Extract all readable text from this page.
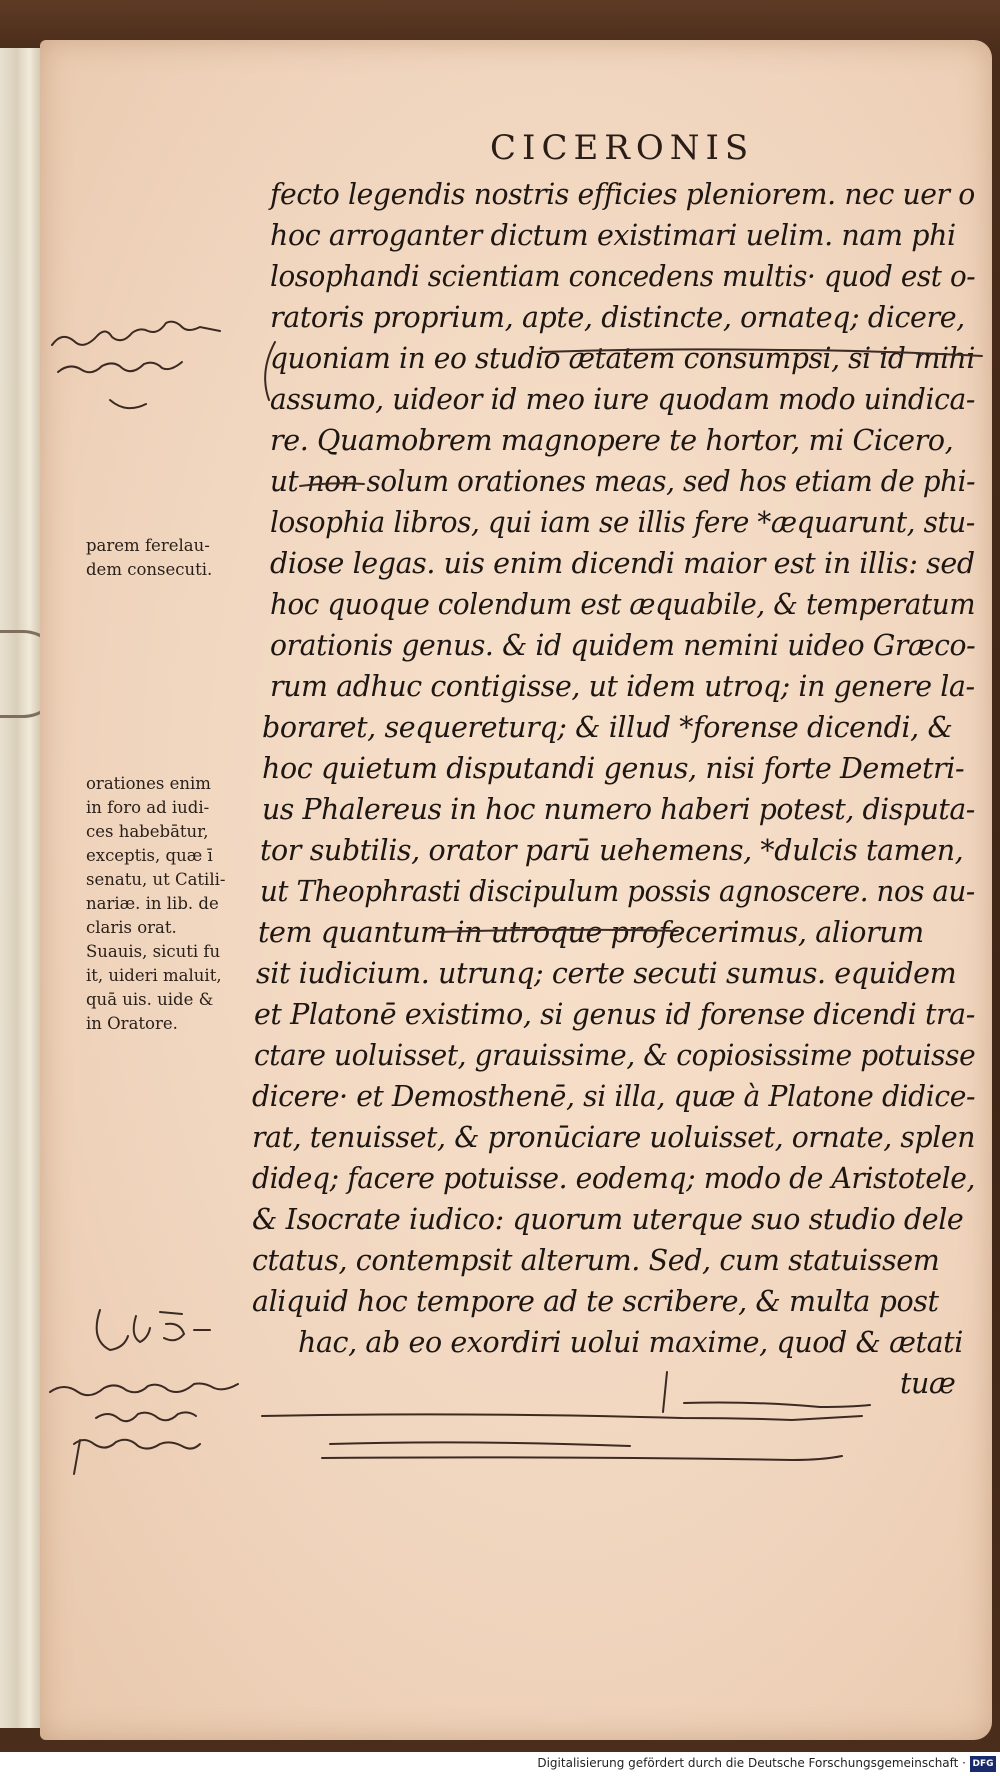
CICERONIS
fecto legendis nostris efficies pleniorem. nec uer o
hoc arroganter dictum existimari uelim. nam phi
losophandi scientiam concedens multis· quod est o-
ratoris proprium, apte, distincte, ornateq; dicere,
quoniam in eo studio ætatem consumpsi, si id mihi
assumo, uideor id meo iure quodam modo uindica-
re. Quamobrem magnopere te hortor, mi Cicero,
ut non solum orationes meas, sed hos etiam de phi-
losophia libros, qui iam se illis fere *æquarunt, stu-
diose legas. uis enim dicendi maior est in illis: sed
hoc quoque colendum est æquabile, & temperatum
orationis genus. & id quidem nemini uideo Græco-
rum adhuc contigisse, ut idem utroq; in genere la-
boraret, sequereturq; & illud *forense dicendi, &
hoc quietum disputandi genus, nisi forte Demetri-
us Phalereus in hoc numero haberi potest, disputa-
tor subtilis, orator parū uehemens, *dulcis tamen,
ut Theophrasti discipulum possis agnoscere. nos au-
tem quantum in utroque profecerimus, aliorum
sit iudicium. utrunq; certe secuti sumus. equidem
et Platonē existimo, si genus id forense dicendi tra-
ctare uoluisset, grauissime, & copiosissime potuisse
dicere· et Demosthenē, si illa, quæ à Platone didice-
rat, tenuisset, & pronūciare uoluisset, ornate, splen
dideq; facere potuisse. eodemq; modo de Aristotele,
& Isocrate iudico: quorum uterque suo studio dele
ctatus, contempsit alterum. Sed, cum statuissem
aliquid hoc tempore ad te scribere, & multa post
hac, ab eo exordiri uolui maxime, quod & ætati
tuæ
parem ferelau-
dem consecuti.
orationes enim
in foro ad iudi-
ces habebātur,
exceptis, quæ ī
senatu, ut Catili-
nariæ. in lib. de
claris orat.
Suauis, sicuti fu
it, uideri maluit,
quā uis. uide &
in Oratore.
Digitalisierung gefördert durch die Deutsche Forschungsgemeinschaft · DFG
